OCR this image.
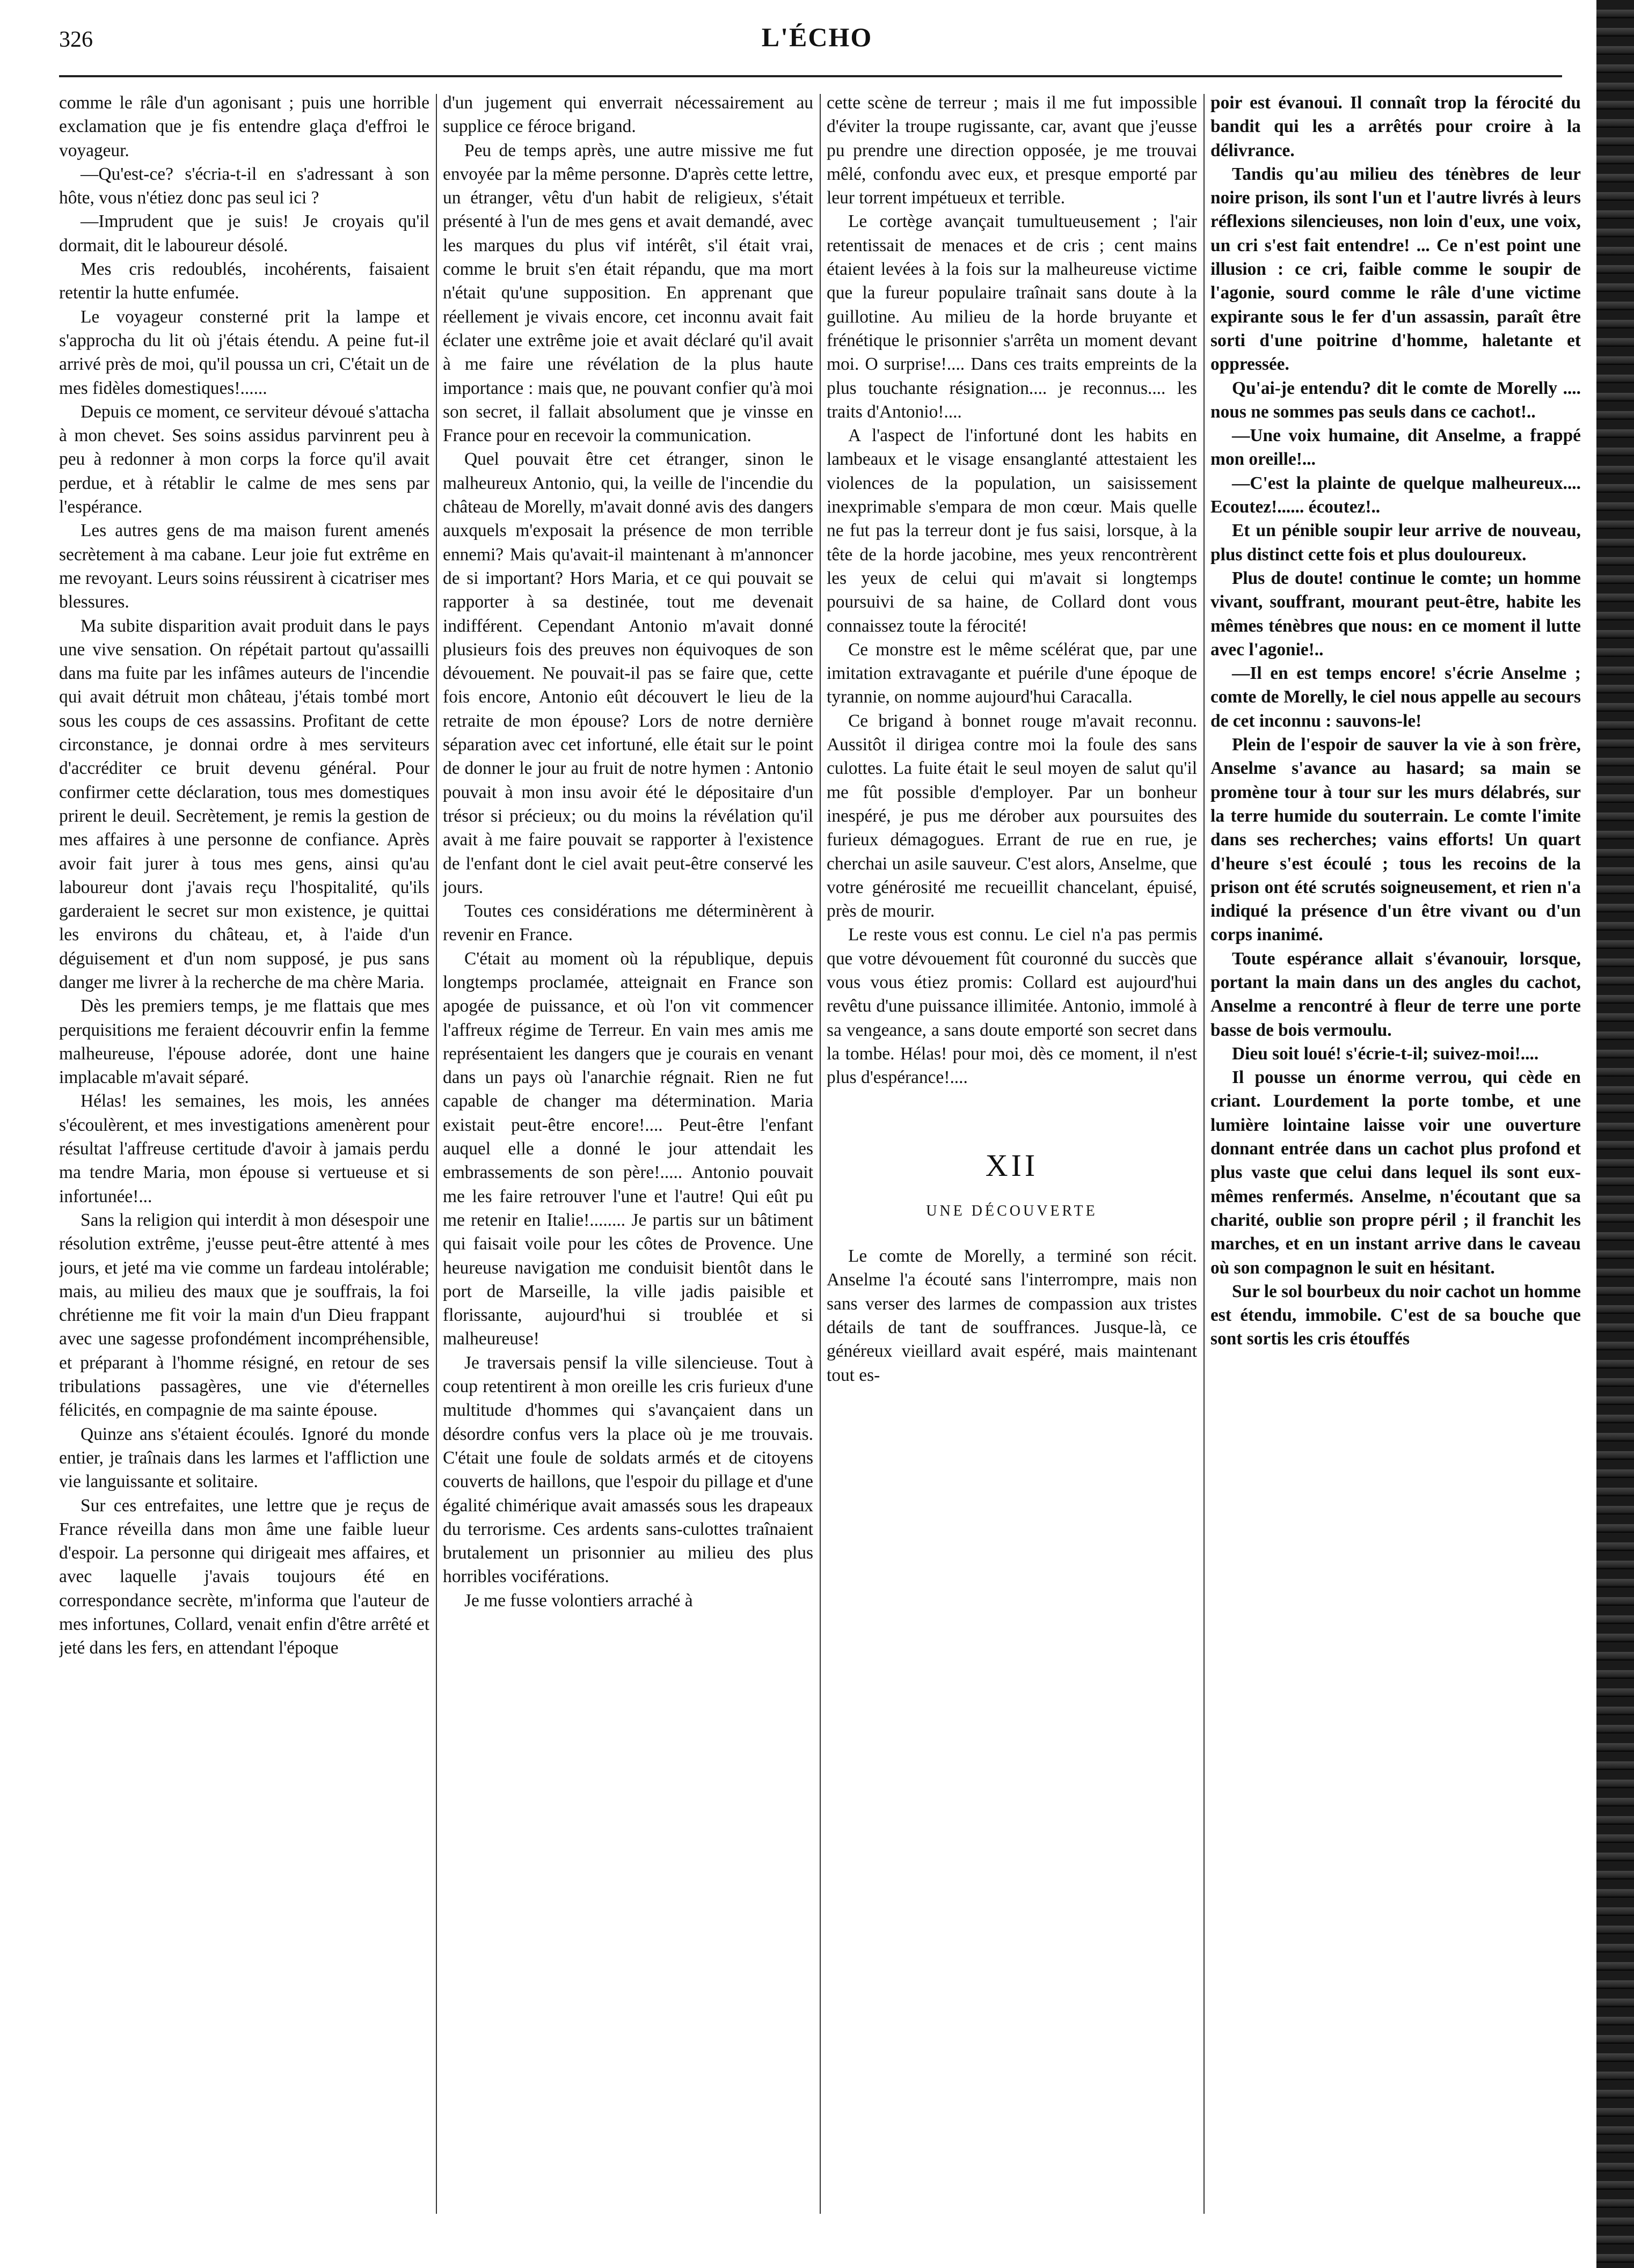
326	L'ÉCHO

comme le râle d'un agonisant ; puis une horrible exclamation que je fis entendre glaça d'effroi le voyageur.

—Qu'est-ce? s'écria-t-il en s'adressant à son hôte, vous n'étiez donc pas seul ici ?

—Imprudent que je suis! Je croyais qu'il dormait, dit le laboureur désolé.

Mes cris redoublés, incohérents, faisaient retentir la hutte enfumée.

Le voyageur consterné prit la lampe et s'approcha du lit où j'étais étendu. A peine fut-il arrivé près de moi, qu'il poussa un cri, C'était un de mes fidèles domestiques!......

Depuis ce moment, ce serviteur dévoué s'attacha à mon chevet. Ses soins assidus parvinrent peu à peu à redonner à mon corps la force qu'il avait perdue, et à rétablir le calme de mes sens par l'espérance.

Les autres gens de ma maison furent amenés secrètement à ma cabane. Leur joie fut extrême en me revoyant. Leurs soins réussirent à cicatriser mes blessures.

Ma subite disparition avait produit dans le pays une vive sensation. On répétait partout qu'assailli dans ma fuite par les infâmes auteurs de l'incendie qui avait détruit mon château, j'étais tombé mort sous les coups de ces assassins. Profitant de cette circonstance, je donnai ordre à mes serviteurs d'accréditer ce bruit devenu général. Pour confirmer cette déclaration, tous mes domestiques prirent le deuil. Secrètement, je remis la gestion de mes affaires à une personne de confiance. Après avoir fait jurer à tous mes gens, ainsi qu'au laboureur dont j'avais reçu l'hospitalité, qu'ils garderaient le secret sur mon existence, je quittai les environs du château, et, à l'aide d'un déguisement et d'un nom supposé, je pus sans danger me livrer à la recherche de ma chère Maria.

Dès les premiers temps, je me flattais que mes perquisitions me feraient découvrir enfin la femme malheureuse, l'épouse adorée, dont une haine implacable m'avait séparé.

Hélas! les semaines, les mois, les années s'écoulèrent, et mes investigations amenèrent pour résultat l'affreuse certitude d'avoir à jamais perdu ma tendre Maria, mon épouse si vertueuse et si infortunée!...

Sans la religion qui interdit à mon désespoir une résolution extrême, j'eusse peut-être attenté à mes jours, et jeté ma vie comme un fardeau intolérable; mais, au milieu des maux que je souffrais, la foi chrétienne me fit voir la main d'un Dieu frappant avec une sagesse profondément incompréhensible, et préparant à l'homme résigné, en retour de ses tribulations passagères, une vie d'éternelles félicités, en compagnie de ma sainte épouse.

Quinze ans s'étaient écoulés. Ignoré du monde entier, je traînais dans les larmes et l'affliction une vie languissante et solitaire.

Sur ces entrefaites, une lettre que je reçus de France réveilla dans mon âme une faible lueur d'espoir. La personne qui dirigeait mes affaires, et avec laquelle j'avais toujours été en correspondance secrète, m'informa que l'auteur de mes infortunes, Collard, venait enfin d'être arrêté et jeté dans les fers, en attendant l'époque

d'un jugement qui enverrait nécessairement au supplice ce féroce brigand.

Peu de temps après, une autre missive me fut envoyée par la même personne. D'après cette lettre, un étranger, vêtu d'un habit de religieux, s'était présenté à l'un de mes gens et avait demandé, avec les marques du plus vif intérêt, s'il était vrai, comme le bruit s'en était répandu, que ma mort n'était qu'une supposition. En apprenant que réellement je vivais encore, cet inconnu avait fait éclater une extrême joie et avait déclaré qu'il avait à me faire une révélation de la plus haute importance : mais que, ne pouvant confier qu'à moi son secret, il fallait absolument que je vinsse en France pour en recevoir la communication.

Quel pouvait être cet étranger, sinon le malheureux Antonio, qui, la veille de l'incendie du château de Morelly, m'avait donné avis des dangers auxquels m'exposait la présence de mon terrible ennemi? Mais qu'avait-il maintenant à m'annoncer de si important? Hors Maria, et ce qui pouvait se rapporter à sa destinée, tout me devenait indifférent. Cependant Antonio m'avait donné plusieurs fois des preuves non équivoques de son dévouement. Ne pouvait-il pas se faire que, cette fois encore, Antonio eût découvert le lieu de la retraite de mon épouse? Lors de notre dernière séparation avec cet infortuné, elle était sur le point de donner le jour au fruit de notre hymen : Antonio pouvait à mon insu avoir été le dépositaire d'un trésor si précieux; ou du moins la révélation qu'il avait à me faire pouvait se rapporter à l'existence de l'enfant dont le ciel avait peut-être conservé les jours.

Toutes ces considérations me déterminèrent à revenir en France.

C'était au moment où la république, depuis longtemps proclamée, atteignait en France son apogée de puissance, et où l'on vit commencer l'affreux régime de Terreur. En vain mes amis me représentaient les dangers que je courais en venant dans un pays où l'anarchie régnait. Rien ne fut capable de changer ma détermination. Maria existait peut-être encore!.... Peut-être l'enfant auquel elle a donné le jour attendait les embrassements de son père!..... Antonio pouvait me les faire retrouver l'une et l'autre! Qui eût pu me retenir en Italie!........ Je partis sur un bâtiment qui faisait voile pour les côtes de Provence. Une heureuse navigation me conduisit bientôt dans le port de Marseille, la ville jadis paisible et florissante, aujourd'hui si troublée et si malheureuse!

Je traversais pensif la ville silencieuse. Tout à coup retentirent à mon oreille les cris furieux d'une multitude d'hommes qui s'avançaient dans un désordre confus vers la place où je me trouvais. C'était une foule de soldats armés et de citoyens couverts de haillons, que l'espoir du pillage et d'une égalité chimérique avait amassés sous les drapeaux du terrorisme. Ces ardents sans-culottes traînaient brutalement un prisonnier au milieu des plus horribles vociférations.

Je me fusse volontiers arraché à

cette scène de terreur ; mais il me fut impossible d'éviter la troupe rugissante, car, avant que j'eusse pu prendre une direction opposée, je me trouvai mêlé, confondu avec eux, et presque emporté par leur torrent impétueux et terrible.

Le cortège avançait tumultueusement ; l'air retentissait de menaces et de cris ; cent mains étaient levées à la fois sur la malheureuse victime que la fureur populaire traînait sans doute à la guillotine. Au milieu de la horde bruyante et frénétique le prisonnier s'arrêta un moment devant moi. O surprise!.... Dans ces traits empreints de la plus touchante résignation.... je reconnus.... les traits d'Antonio!....

A l'aspect de l'infortuné dont les habits en lambeaux et le visage ensanglanté attestaient les violences de la population, un saisissement inexprimable s'empara de mon cœur. Mais quelle ne fut pas la terreur dont je fus saisi, lorsque, à la tête de la horde jacobine, mes yeux rencontrèrent les yeux de celui qui m'avait si longtemps poursuivi de sa haine, de Collard dont vous connaissez toute la férocité!

Ce monstre est le même scélérat que, par une imitation extravagante et puérile d'une époque de tyrannie, on nomme aujourd'hui Caracalla.

Ce brigand à bonnet rouge m'avait reconnu. Aussitôt il dirigea contre moi la foule des sans culottes. La fuite était le seul moyen de salut qu'il me fût possible d'employer. Par un bonheur inespéré, je pus me dérober aux poursuites des furieux démagogues. Errant de rue en rue, je cherchai un asile sauveur. C'est alors, Anselme, que votre générosité me recueillit chancelant, épuisé, près de mourir.

Le reste vous est connu. Le ciel n'a pas permis que votre dévouement fût couronné du succès que vous vous étiez promis: Collard est aujourd'hui revêtu d'une puissance illimitée. Antonio, immolé à sa vengeance, a sans doute emporté son secret dans la tombe. Hélas! pour moi, dès ce moment, il n'est plus d'espérance!....

XII
UNE DÉCOUVERTE

Le comte de Morelly, a terminé son récit. Anselme l'a écouté sans l'interrompre, mais non sans verser des larmes de compassion aux tristes détails de tant de souffrances. Jusque-là, ce généreux vieillard avait espéré, mais maintenant tout es-

poir est évanoui. Il connaît trop la férocité du bandit qui les a arrêtés pour croire à la délivrance.

Tandis qu'au milieu des ténèbres de leur noire prison, ils sont l'un et l'autre livrés à leurs réflexions silencieuses, non loin d'eux, une voix, un cri s'est fait entendre! ... Ce n'est point une illusion : ce cri, faible comme le soupir de l'agonie, sourd comme le râle d'une victime expirante sous le fer d'un assassin, paraît être sorti d'une poitrine d'homme, haletante et oppressée.

Qu'ai-je entendu? dit le comte de Morelly .... nous ne sommes pas seuls dans ce cachot!..

—Une voix humaine, dit Anselme, a frappé mon oreille!...

—C'est la plainte de quelque malheureux.... Ecoutez!...... écoutez!..

Et un pénible soupir leur arrive de nouveau, plus distinct cette fois et plus douloureux.

Plus de doute! continue le comte; un homme vivant, souffrant, mourant peut-être, habite les mêmes ténèbres que nous: en ce moment il lutte avec l'agonie!..

—Il en est temps encore! s'écrie Anselme ; comte de Morelly, le ciel nous appelle au secours de cet inconnu : sauvons-le!

Plein de l'espoir de sauver la vie à son frère, Anselme s'avance au hasard; sa main se promène tour à tour sur les murs délabrés, sur la terre humide du souterrain. Le comte l'imite dans ses recherches; vains efforts! Un quart d'heure s'est écoulé ; tous les recoins de la prison ont été scrutés soigneusement, et rien n'a indiqué la présence d'un être vivant ou d'un corps inanimé.

Toute espérance allait s'évanouir, lorsque, portant la main dans un des angles du cachot, Anselme a rencontré à fleur de terre une porte basse de bois vermoulu.

Dieu soit loué! s'écrie-t-il; suivez-moi!....

Il pousse un énorme verrou, qui cède en criant. Lourdement la porte tombe, et une lumière lointaine laisse voir une ouverture donnant entrée dans un cachot plus profond et plus vaste que celui dans lequel ils sont eux-mêmes renfermés. Anselme, n'écoutant que sa charité, oublie son propre péril ; il franchit les marches, et en un instant arrive dans le caveau où son compagnon le suit en hésitant.

Sur le sol bourbeux du noir cachot un homme est étendu, immobile. C'est de sa bouche que sont sortis les cris étouffés
